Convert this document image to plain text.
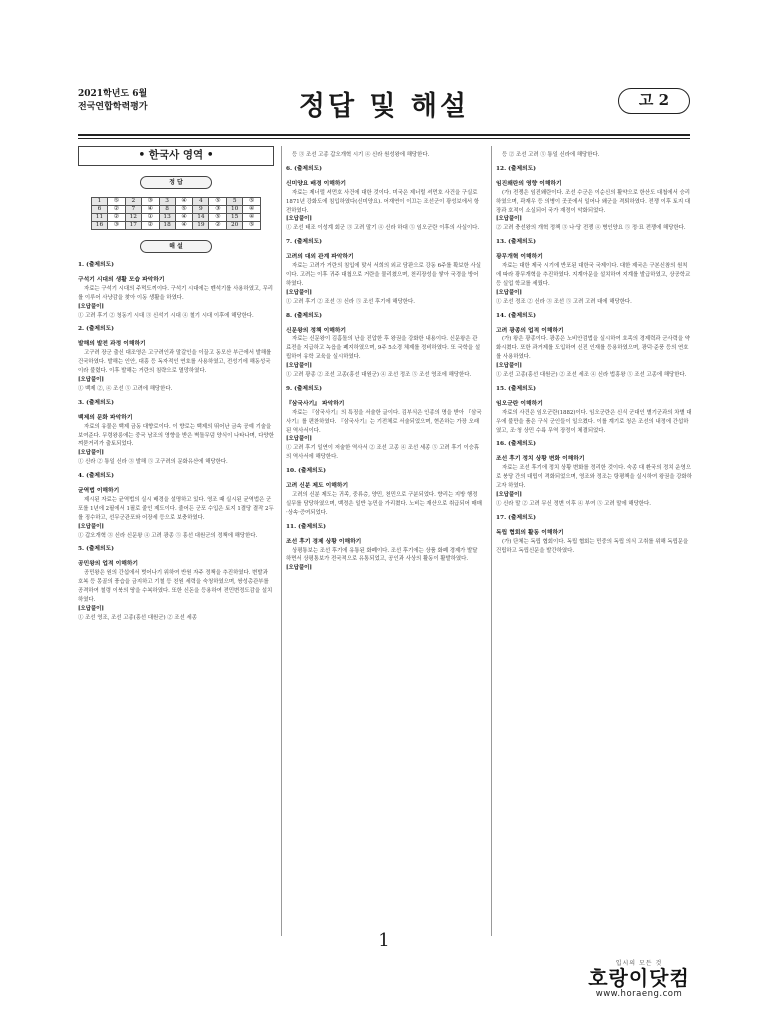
2021학년도 6월
전국연합학력평가	정답 및 해설	고 2
• 한국사 영역 •
정 답
1	⑤	2	③	3	④	4	⑤	5	⑤
6	②	7	④	8	⑤	9	③	10	④
11	②	12	①	13	④	14	⑤	15	④
16	③	17	②	18	④	19	②	20	⑤
해 설
1. (출제의도)
구석기 시대의 생활 모습 파악하기
자료는 구석기 시대의 주먹도끼이다. 구석기 시대에는 뗀석기를 사용하였고, 무리를 이루어 사냥감을 찾아 이동 생활을 하였다.
[오답풀이]
① 고려 후기 ② 청동기 시대 ③ 신석기 시대 ④ 철기 시대 이후에 해당한다.
2. (출제의도)
발해의 발전 과정 이해하기
고구려 장군 출신 대조영은 고구려인과 말갈인을 이끌고 동모산 부근에서 발해를 건국하였다. 발해는 인안, 대흥 등 독자적인 연호를 사용하였고, 전성기에 해동성국이라 불렸다. 이후 발해는 거란의 침략으로 멸망하였다.
[오답풀이]
① 백제 ②, ④ 조선 ⑤ 고려에 해당한다.
3. (출제의도)
백제의 문화 파악하기
자료의 유물은 백제 금동 대향로이다. 이 향로는 백제의 뛰어난 금속 공예 기술을 보여준다. 무령왕릉에는 중국 남조의 영향을 받은 벽돌무덤 양식이 나타나며, 다양한 껴묻거리가 출토되었다.
[오답풀이]
① 신라 ② 통일 신라 ③ 발해 ⑤ 고구려의 문화유산에 해당한다.
4. (출제의도)
균역법 이해하기
제시된 자료는 균역법의 실시 배경을 설명하고 있다. 영조 때 실시된 균역법은 군포를 1년에 2필에서 1필로 줄인 제도이다. 줄어든 군포 수입은 토지 1결당 결작 2두를 징수하고, 선무군관포와 어장세 등으로 보충하였다.
[오답풀이]
① 갑오개혁 ③ 신라 신문왕 ④ 고려 광종 ⑤ 흥선 대원군의 정책에 해당한다.
5. (출제의도)
공민왕의 업적 이해하기
공민왕은 원의 간섭에서 벗어나기 위하여 반원 자주 정책을 추진하였다. 변발과 호복 등 몽골의 풍습을 금지하고 기철 등 친원 세력을 숙청하였으며, 쌍성총관부를 공격하여 철령 이북의 땅을 수복하였다. 또한 신돈을 등용하여 전민변정도감을 설치하였다.
[오답풀이]
① 조선 영조, 조선 고종(흥선 대원군) ② 조선 세종
등 ③ 조선 고종 갑오개혁 시기 ④ 신라 원성왕에 해당한다.
6. (출제의도)
신미양요 배경 이해하기
자료는 제너럴 셔먼호 사건에 대한 것이다. 미국은 제너럴 셔먼호 사건을 구실로 1871년 강화도에 침입하였다(신미양요). 어재연이 이끄는 조선군이 광성보에서 항전하였다.
[오답풀이]
① 조선 태조 이성계 회군 ③ 고려 말기 ④ 신라 하대 ⑤ 임오군란 이후의 사실이다.
7. (출제의도)
고려의 대외 관계 파악하기
자료는 고려가 거란의 침입에 맞서 서희의 외교 담판으로 강동 6주를 확보한 사실이다. 고려는 이후 귀주 대첩으로 거란을 물리쳤으며, 천리장성을 쌓아 국경을 방어하였다.
[오답풀이]
① 고려 후기 ② 조선 ③ 신라 ⑤ 조선 후기에 해당한다.
8. (출제의도)
신문왕의 정책 이해하기
자료는 신문왕이 김흠돌의 난을 진압한 후 왕권을 강화한 내용이다. 신문왕은 관료전을 지급하고 녹읍을 폐지하였으며, 9주 5소경 체제를 정비하였다. 또 국학을 설립하여 유학 교육을 실시하였다.
[오답풀이]
① 고려 광종 ② 조선 고종(흥선 대원군) ④ 조선 정조 ⑤ 조선 영조에 해당한다.
9. (출제의도)
『삼국사기』 파악하기
자료는 『삼국사기』의 특징을 서술한 글이다. 김부식은 인종의 명을 받아 『삼국사기』를 편찬하였다. 『삼국사기』는 기전체로 서술되었으며, 현존하는 가장 오래된 역사서이다.
[오답풀이]
① 고려 후기 일연이 저술한 역사서 ② 조선 고종 ④ 조선 세종 ⑤ 고려 후기 이승휴의 역사서에 해당한다.
10. (출제의도)
고려 신분 제도 이해하기
고려의 신분 제도는 귀족, 중류층, 양민, 천민으로 구분되었다. 향리는 지방 행정 실무를 담당하였으며, 백정은 일반 농민을 가리켰다. 노비는 재산으로 취급되어 매매·상속·증여되었다.
11. (출제의도)
조선 후기 경제 상황 이해하기
상평통보는 조선 후기에 유통된 화폐이다. 조선 후기에는 상품 화폐 경제가 발달하면서 상평통보가 전국적으로 유통되었고, 공인과 사상의 활동이 활발하였다.
[오답풀이]
등 ② 조선 고려 ⑤ 통일 신라에 해당한다.
12. (출제의도)
임진왜란의 영향 이해하기
(가) 전쟁은 임진왜란이다. 조선 수군은 이순신의 활약으로 한산도 대첩에서 승리하였으며, 곽재우 등 의병이 곳곳에서 일어나 왜군을 격퇴하였다. 전쟁 이후 토지 대장과 호적이 소실되어 국가 재정이 악화되었다.
[오답풀이]
② 고려 충선왕의 개혁 정책 ③ 나·당 전쟁 ④ 병인양요 ⑤ 정·묘 전쟁에 해당한다.
13. (출제의도)
광무개혁 이해하기
자료는 대한 제국 시기에 반포된 대한국 국제이다. 대한 제국은 구본신참의 원칙에 따라 광무개혁을 추진하였다. 지계아문을 설치하여 지계를 발급하였고, 상공학교 등 실업 학교를 세웠다.
[오답풀이]
① 조선 정조 ② 신라 ③ 조선 ⑤ 고려 고려 대에 해당한다.
14. (출제의도)
고려 광종의 업적 이해하기
(가) 왕은 광종이다. 광종은 노비안검법을 실시하여 호족의 경제력과 군사력을 약화시켰다. 또한 과거제를 도입하여 신진 인재를 등용하였으며, 광덕·준풍 등의 연호를 사용하였다.
[오답풀이]
① 조선 고종(흥선 대원군) ② 조선 세조 ④ 신라 법흥왕 ⑤ 조선 고종에 해당한다.
15. (출제의도)
임오군란 이해하기
자료의 사건은 임오군란(1882)이다. 임오군란은 신식 군대인 별기군과의 차별 대우에 불만을 품은 구식 군인들이 일으켰다. 이를 계기로 청은 조선의 내정에 간섭하였고, 조·청 상민 수륙 무역 장정이 체결되었다.
16. (출제의도)
조선 후기 정치 상황 변화 이해하기
자료는 조선 후기에 정치 상황 변화를 정리한 것이다. 숙종 대 환국의 정치 운영으로 붕당 간의 대립이 격화되었으며, 영조와 정조는 탕평책을 실시하여 왕권을 강화하고자 하였다.
[오답풀이]
① 신라 말 ② 고려 무신 정변 이후 ④ 부여 ⑤ 고려 말에 해당한다.
17. (출제의도)
독립 협회의 활동 이해하기
(가) 단체는 독립 협회이다. 독립 협회는 민중의 독립 의식 고취를 위해 독립문을 건립하고 독립신문을 발간하였다.
1
입시의 모든 것
호랑이닷컴
www.horaeng.com
